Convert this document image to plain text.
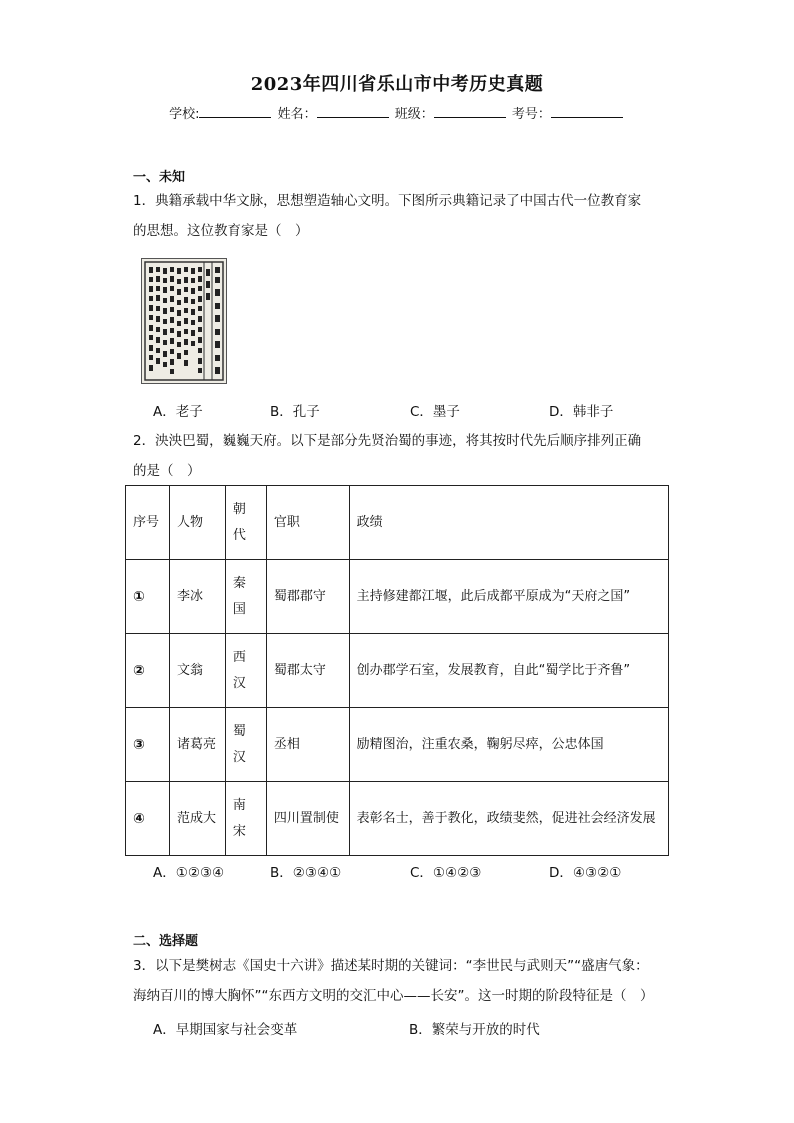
2023年四川省乐山市中考历史真题
学校:	姓名：	班级：	考号：
一、未知
1．典籍承载中华文脉，思想塑造轴心文明。下图所示典籍记录了中国古代一位教育家
的思想。这位教育家是（　）
A．老子	B．孔子	C．墨子	D．韩非子
2．泱泱巴蜀，巍巍天府。以下是部分先贤治蜀的事迹，将其按时代先后顺序排列正确
的是（　）
序号	人物	朝代	官职	政绩
①	李冰	秦国	蜀郡郡守	主持修建都江堰，此后成都平原成为“天府之国”
②	文翁	西汉	蜀郡太守	创办郡学石室，发展教育，自此“蜀学比于齐鲁”
③	诸葛亮	蜀汉	丞相	励精图治，注重农桑，鞠躬尽瘁，公忠体国
④	范成大	南宋	四川置制使	表彰名士，善于教化，政绩斐然，促进社会经济发展
A．①②③④	B．②③④①	C．①④②③	D．④③②①
二、选择题
3．以下是樊树志《国史十六讲》描述某时期的关键词：“李世民与武则天”“盛唐气象：
海纳百川的博大胸怀”“东西方文明的交汇中心——长安”。这一时期的阶段特征是（　）
A．早期国家与社会变革	B．繁荣与开放的时代
